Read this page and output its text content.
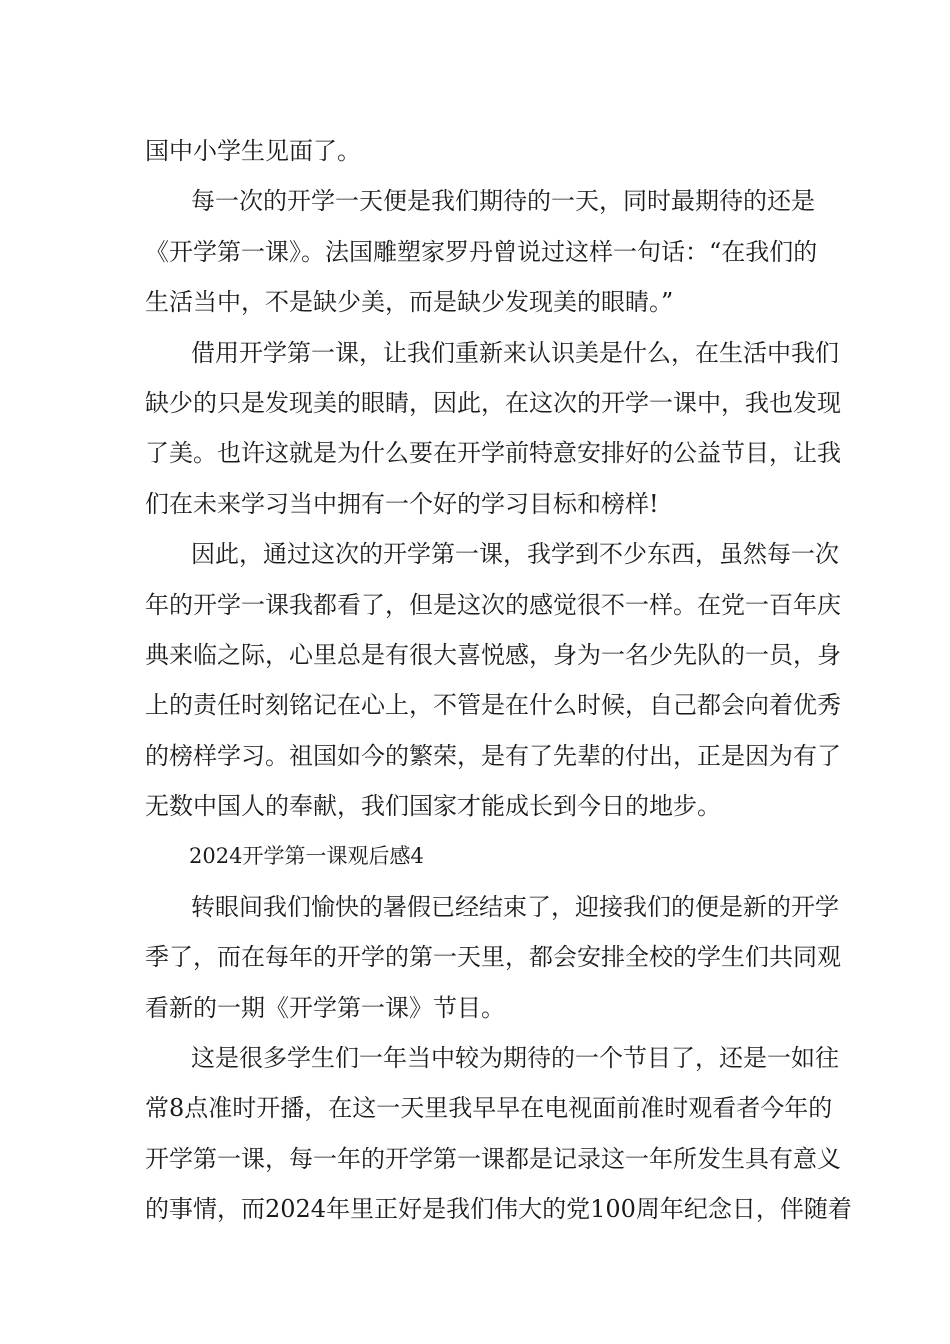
国中小学生见面了。
每一次的开学一天便是我们期待的一天，同时最期待的还是
《开学第一课》。法国雕塑家罗丹曾说过这样一句话：“在我们的
生活当中，不是缺少美，而是缺少发现美的眼睛。”
借用开学第一课，让我们重新来认识美是什么，在生活中我们
缺少的只是发现美的眼睛，因此，在这次的开学一课中，我也发现
了美。也许这就是为什么要在开学前特意安排好的公益节目，让我
们在未来学习当中拥有一个好的学习目标和榜样!
因此，通过这次的开学第一课，我学到不少东西，虽然每一次
年的开学一课我都看了，但是这次的感觉很不一样。在党一百年庆
典来临之际，心里总是有很大喜悦感，身为一名少先队的一员，身
上的责任时刻铭记在心上，不管是在什么时候，自己都会向着优秀
的榜样学习。祖国如今的繁荣，是有了先辈的付出，正是因为有了
无数中国人的奉献，我们国家才能成长到今日的地步。
2024开学第一课观后感4
转眼间我们愉快的暑假已经结束了，迎接我们的便是新的开学
季了，而在每年的开学的第一天里，都会安排全校的学生们共同观
看新的一期《开学第一课》节目。
这是很多学生们一年当中较为期待的一个节目了，还是一如往
常8点准时开播，在这一天里我早早在电视面前准时观看者今年的
开学第一课，每一年的开学第一课都是记录这一年所发生具有意义
的事情，而2024年里正好是我们伟大的党100周年纪念日，伴随着
